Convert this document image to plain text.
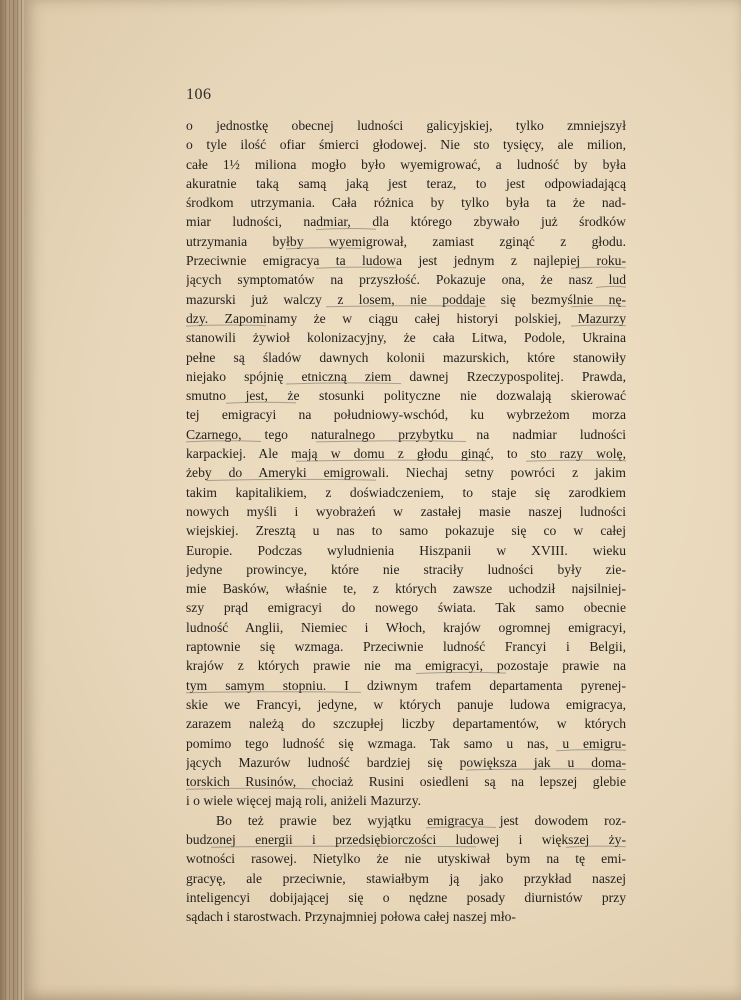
106
o jednostkę obecnej ludności galicyjskiej, tylko zmniejszył
o tyle ilość ofiar śmierci głodowej. Nie sto tysięcy, ale milion,
całe 1½ miliona mogło było wyemigrować, a ludność by była
akuratnie taką samą jaką jest teraz, to jest odpowiadającą
środkom utrzymania. Cała różnica by tylko była ta że nad-
miar ludności, nadmiar, dla którego zbywało już środków
utrzymania byłby wyemigrował, zamiast zginąć z głodu.
Przeciwnie emigracya ta ludowa jest jednym z najlepiej roku-
jących symptomatów na przyszłość. Pokazuje ona, że nasz lud
mazurski już walczy z losem, nie poddaje się bezmyślnie nę-
dzy. Zapominamy że w ciągu całej historyi polskiej, Mazurzy
stanowili żywioł kolonizacyjny, że cała Litwa, Podole, Ukraina
pełne są śladów dawnych kolonii mazurskich, które stanowiły
niejako spójnię etniczną ziem dawnej Rzeczypospolitej. Prawda,
smutno jest, że stosunki polityczne nie dozwalają skierować
tej emigracyi na południowy-wschód, ku wybrzeżom morza
Czarnego, tego naturalnego przybytku na nadmiar ludności
karpackiej. Ale mają w domu z głodu ginąć, to sto razy wolę,
żeby do Ameryki emigrowali. Niechaj setny powróci z jakim
takim kapitalikiem, z doświadczeniem, to staje się zarodkiem
nowych myśli i wyobrażeń w zastałej masie naszej ludności
wiejskiej. Zresztą u nas to samo pokazuje się co w całej
Europie. Podczas wyludnienia Hiszpanii w XVIII. wieku
jedyne prowincye, które nie straciły ludności były zie-
mie Basków, właśnie te, z których zawsze uchodził najsilniej-
szy prąd emigracyi do nowego świata. Tak samo obecnie
ludność Anglii, Niemiec i Włoch, krajów ogromnej emigracyi,
raptownie się wzmaga. Przeciwnie ludność Francyi i Belgii,
krajów z których prawie nie ma emigracyi, pozostaje prawie na
tym samym stopniu. I dziwnym trafem departamenta pyrenej-
skie we Francyi, jedyne, w których panuje ludowa emigracya,
zarazem należą do szczupłej liczby departamentów, w których
pomimo tego ludność się wzmaga. Tak samo u nas, u emigru-
jących Mazurów ludność bardziej się powiększa jak u doma-
torskich Rusinów, chociaż Rusini osiedleni są na lepszej glebie
i o wiele więcej mają roli, aniżeli Mazurzy.
Bo też prawie bez wyjątku emigracya jest dowodem roz-
budzonej energii i przedsiębiorczości ludowej i większej ży-
wotności rasowej. Nietylko że nie utyskiwał bym na tę emi-
gracyę, ale przeciwnie, stawiałbym ją jako przykład naszej
inteligencyi dobijającej się o nędzne posady diurnistów przy
sądach i starostwach. Przynajmniej połowa całej naszej mło-
